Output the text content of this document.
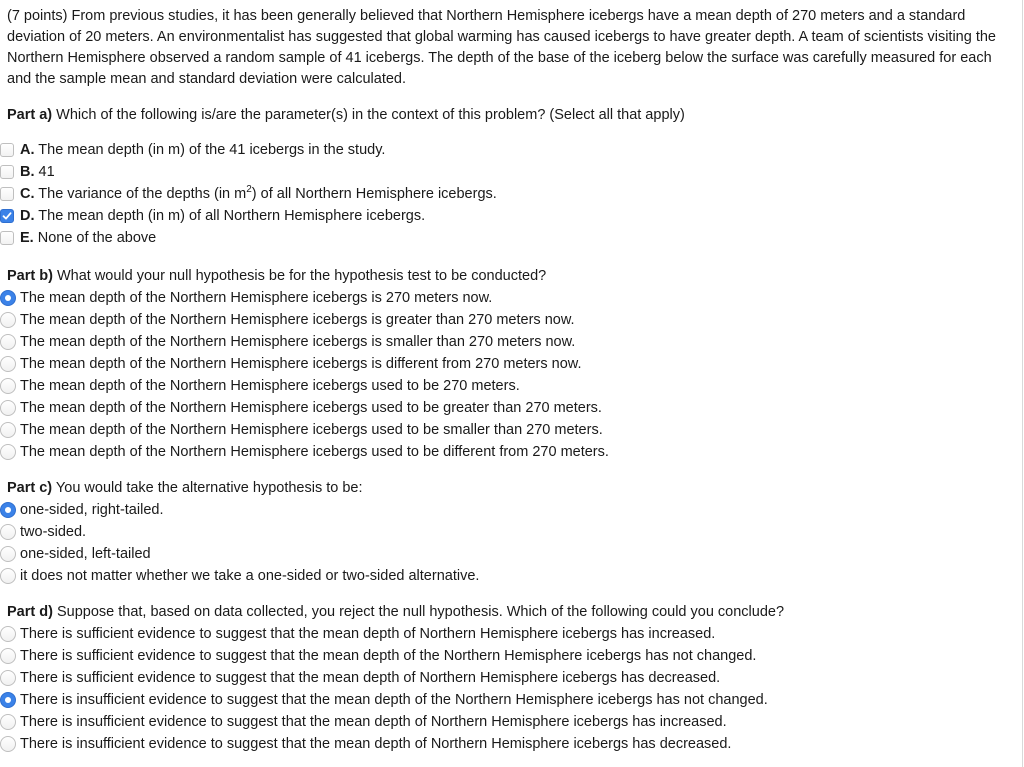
(7 points) From previous studies, it has been generally believed that Northern Hemisphere icebergs have a mean depth of 270 meters and a standard deviation of 20 meters. An environmentalist has suggested that global warming has caused icebergs to have greater depth. A team of scientists visiting the Northern Hemisphere observed a random sample of 41 icebergs. The depth of the base of the iceberg below the surface was carefully measured for each and the sample mean and standard deviation were calculated.

Part a) Which of the following is/are the parameter(s) in the context of this problem? (Select all that apply)

A. The mean depth (in m) of the 41 icebergs in the study.
B. 41
C. The variance of the depths (in $m^2$) of all Northern Hemisphere icebergs.
D. The mean depth (in m) of all Northern Hemisphere icebergs.
E. None of the above

Part b) What would your null hypothesis be for the hypothesis test to be conducted?

The mean depth of the Northern Hemisphere icebergs is 270 meters now.
The mean depth of the Northern Hemisphere icebergs is greater than 270 meters now.
The mean depth of the Northern Hemisphere icebergs is smaller than 270 meters now.
The mean depth of the Northern Hemisphere icebergs is different from 270 meters now.
The mean depth of the Northern Hemisphere icebergs used to be 270 meters.
The mean depth of the Northern Hemisphere icebergs used to be greater than 270 meters.
The mean depth of the Northern Hemisphere icebergs used to be smaller than 270 meters.
The mean depth of the Northern Hemisphere icebergs used to be different from 270 meters.

Part c) You would take the alternative hypothesis to be:

one-sided, right-tailed.
two-sided.
one-sided, left-tailed
it does not matter whether we take a one-sided or two-sided alternative.

Part d) Suppose that, based on data collected, you reject the null hypothesis. Which of the following could you conclude?

There is sufficient evidence to suggest that the mean depth of Northern Hemisphere icebergs has increased.
There is sufficient evidence to suggest that the mean depth of the Northern Hemisphere icebergs has not changed.
There is sufficient evidence to suggest that the mean depth of Northern Hemisphere icebergs has decreased.
There is insufficient evidence to suggest that the mean depth of the Northern Hemisphere icebergs has not changed.
There is insufficient evidence to suggest that the mean depth of Northern Hemisphere icebergs has increased.
There is insufficient evidence to suggest that the mean depth of Northern Hemisphere icebergs has decreased.
